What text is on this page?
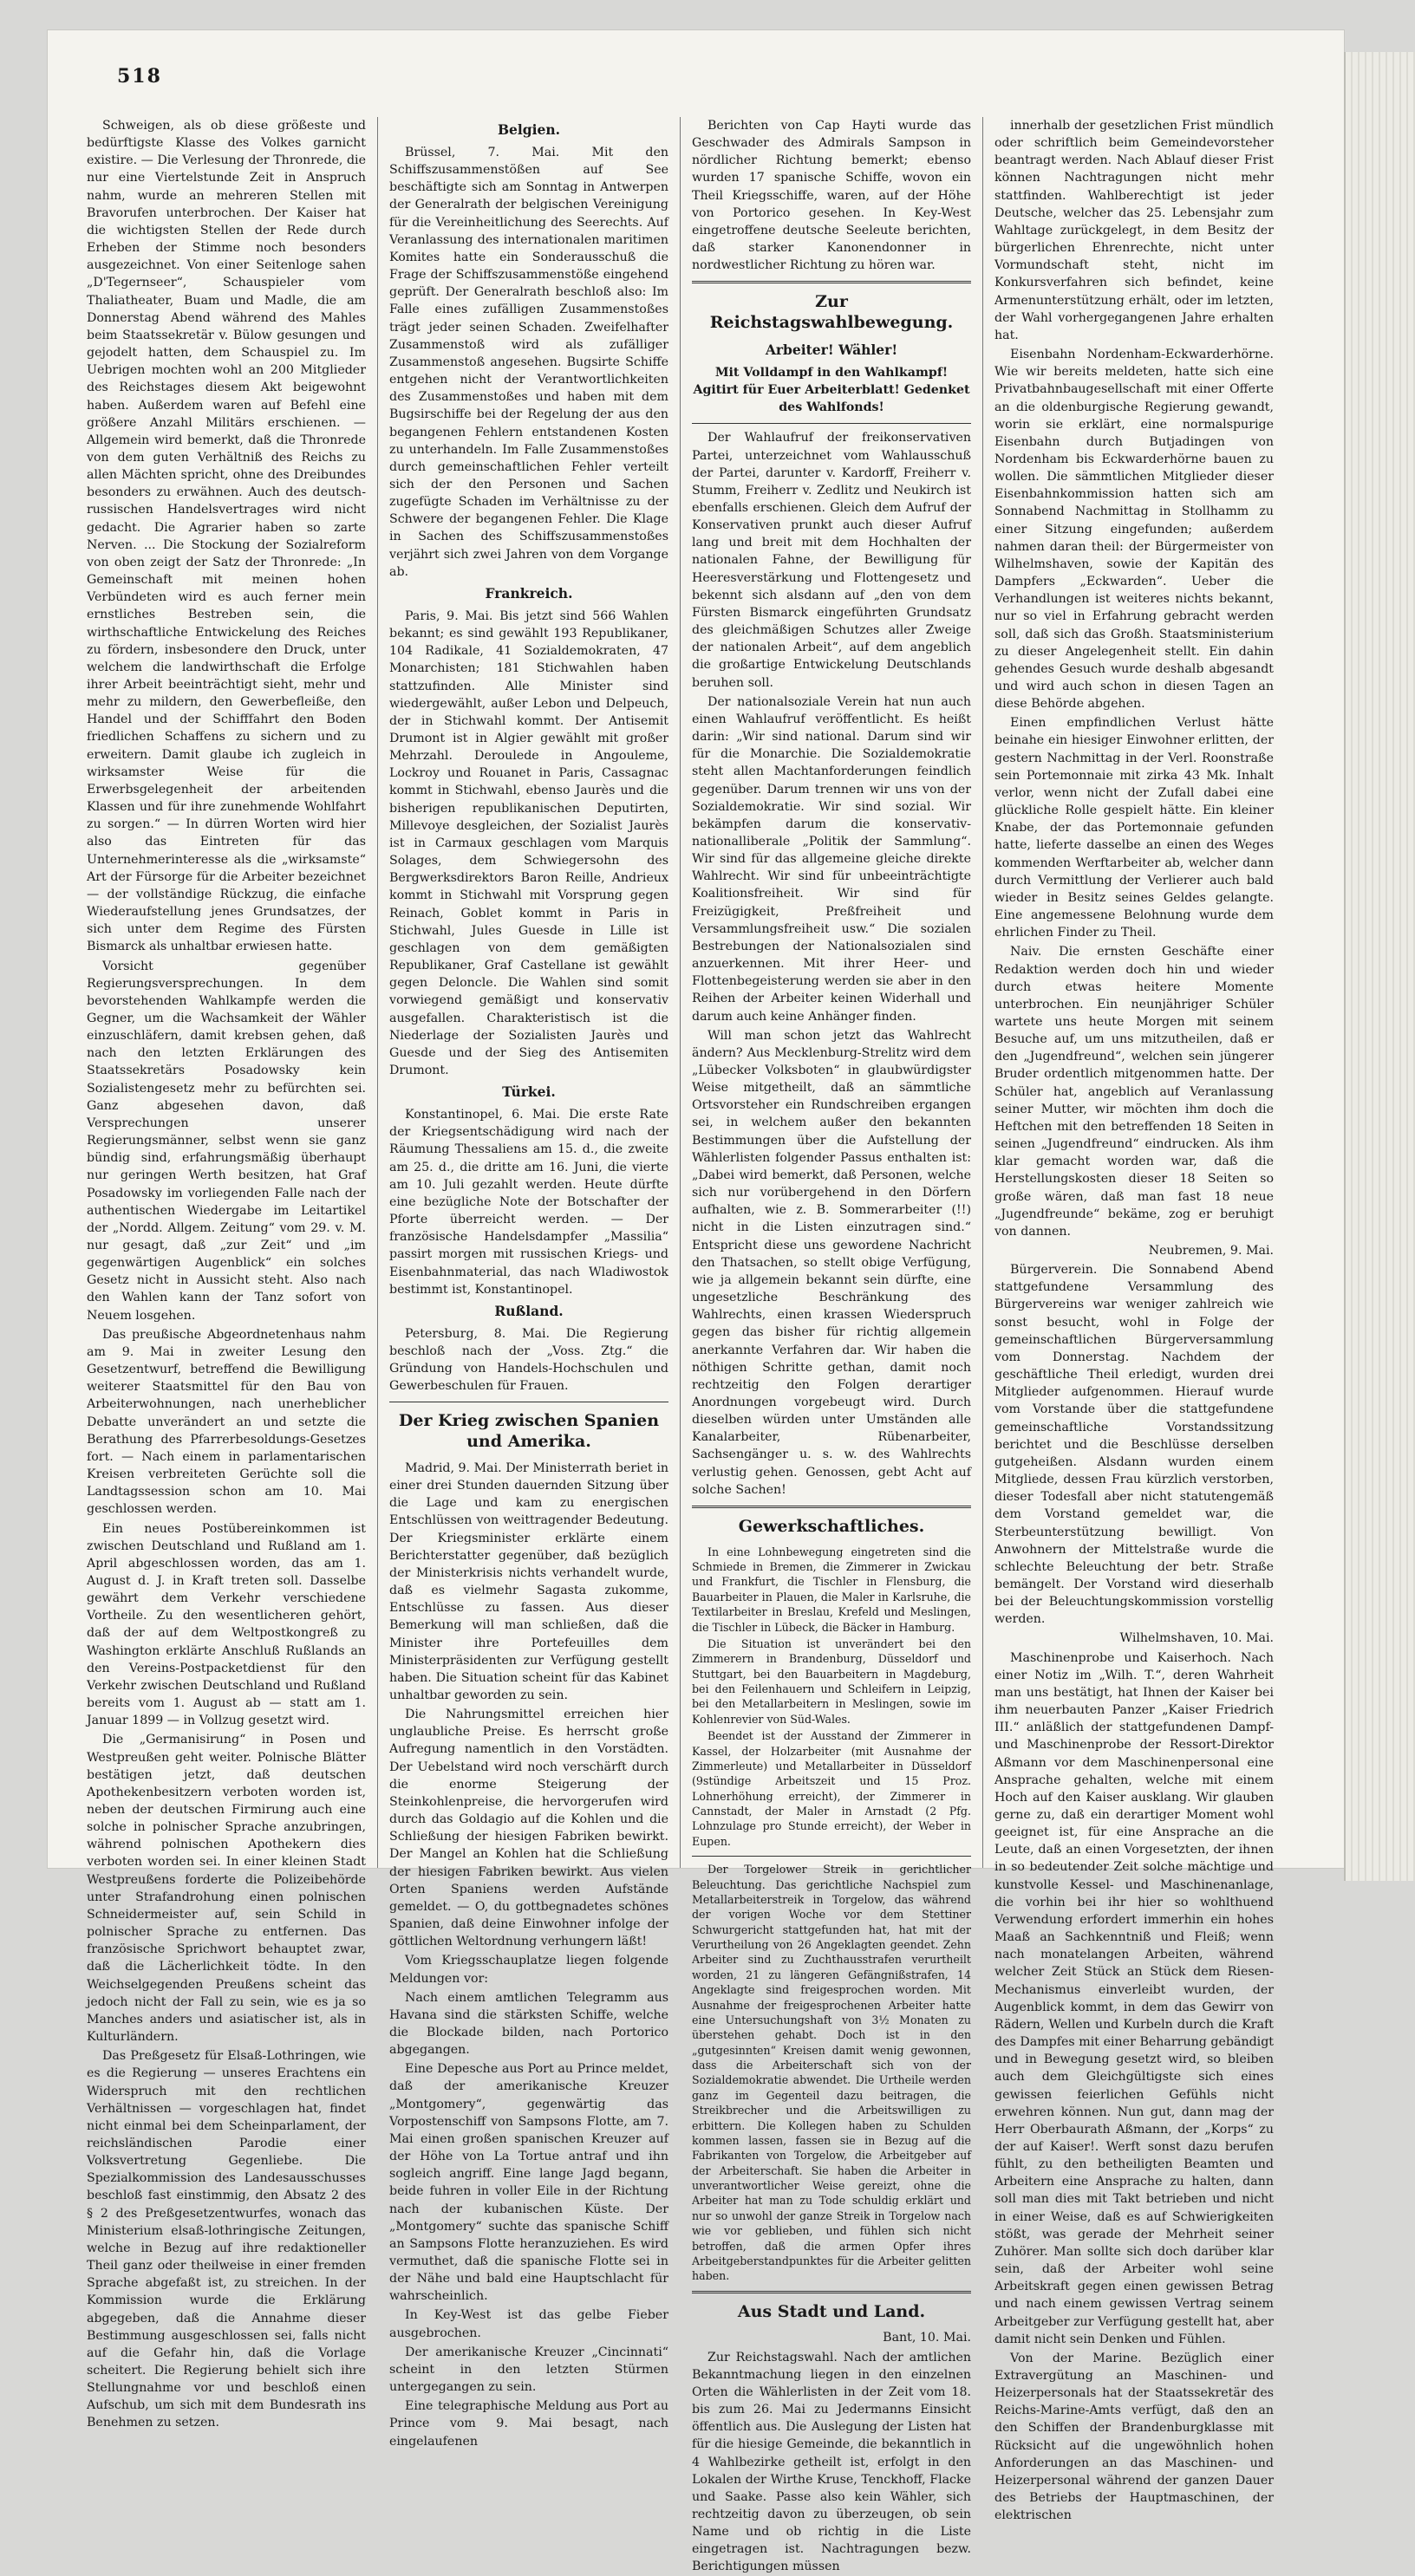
518

Schweigen, als ob diese größeste und bedürftigste Klasse des Volkes garnicht existire. — Die Verlesung der Thronrede, die nur eine Viertelstunde Zeit in Anspruch nahm, wurde an mehreren Stellen mit Bravorufen unterbrochen. Der Kaiser hat die wichtigsten Stellen der Rede durch Erheben der Stimme noch besonders ausgezeichnet. Von einer Seitenloge sahen „D'Tegernseer“, Schauspieler vom Thaliatheater, Buam und Madle, die am Donnerstag Abend während des Mahles beim Staatssekretär v. Bülow gesungen und gejodelt hatten, dem Schauspiel zu. Im Uebrigen mochten wohl an 200 Mitglieder des Reichstages diesem Akt beigewohnt haben. Außerdem waren auf Befehl eine größere Anzahl Militärs erschienen. — Allgemein wird bemerkt, daß die Thronrede von dem guten Verhältniß des Reichs zu allen Mächten spricht, ohne des Dreibundes besonders zu erwähnen. Auch des deutsch-russischen Handelsvertrages wird nicht gedacht. Die Agrarier haben so zarte Nerven. ... Die Stockung der Sozialreform von oben zeigt der Satz der Thronrede: „In Gemeinschaft mit meinen hohen Verbündeten wird es auch ferner mein ernstliches Bestreben sein, die wirthschaftliche Entwickelung des Reiches zu fördern, insbesondere den Druck, unter welchem die landwirthschaft die Erfolge ihrer Arbeit beeinträchtigt sieht, mehr und mehr zu mildern, den Gewerbefleiße, den Handel und der Schifffahrt den Boden friedlichen Schaffens zu sichern und zu erweitern. Damit glaube ich zugleich in wirksamster Weise für die Erwerbsgelegenheit der arbeitenden Klassen und für ihre zunehmende Wohlfahrt zu sorgen.“ — In dürren Worten wird hier also das Eintreten für das Unternehmerinteresse als die „wirksamste“ Art der Fürsorge für die Arbeiter bezeichnet — der vollständige Rückzug, die einfache Wiederaufstellung jenes Grundsatzes, der sich unter dem Regime des Fürsten Bismarck als unhaltbar erwiesen hatte.

Vorsicht gegenüber Regierungsversprechungen. In dem bevorstehenden Wahlkampfe werden die Gegner, um die Wachsamkeit der Wähler einzuschläfern, damit krebsen gehen, daß nach den letzten Erklärungen des Staatssekretärs Posadowsky kein Sozialistengesetz mehr zu befürchten sei. Ganz abgesehen davon, daß Versprechungen unserer Regierungsmänner, selbst wenn sie ganz bündig sind, erfahrungsmäßig überhaupt nur geringen Werth besitzen, hat Graf Posadowsky im vorliegenden Falle nach der authentischen Wiedergabe im Leitartikel der „Nordd. Allgem. Zeitung“ vom 29. v. M. nur gesagt, daß „zur Zeit“ und „im gegenwärtigen Augenblick“ ein solches Gesetz nicht in Aussicht steht. Also nach den Wahlen kann der Tanz sofort von Neuem losgehen.

Das preußische Abgeordnetenhaus nahm am 9. Mai in zweiter Lesung den Gesetzentwurf, betreffend die Bewilligung weiterer Staatsmittel für den Bau von Arbeiterwohnungen, nach unerheblicher Debatte unverändert an und setzte die Berathung des Pfarrerbesoldungs-Gesetzes fort. — Nach einem in parlamentarischen Kreisen verbreiteten Gerüchte soll die Landtagssession schon am 10. Mai geschlossen werden.

Ein neues Postübereinkommen ist zwischen Deutschland und Rußland am 1. April abgeschlossen worden, das am 1. August d. J. in Kraft treten soll. Dasselbe gewährt dem Verkehr verschiedene Vortheile. Zu den wesentlicheren gehört, daß der auf dem Weltpostkongreß zu Washington erklärte Anschluß Rußlands an den Vereins-Postpacketdienst für den Verkehr zwischen Deutschland und Rußland bereits vom 1. August ab — statt am 1. Januar 1899 — in Vollzug gesetzt wird.

Die „Germanisirung“ in Posen und Westpreußen geht weiter. Polnische Blätter bestätigen jetzt, daß deutschen Apothekenbesitzern verboten worden ist, neben der deutschen Firmirung auch eine solche in polnischer Sprache anzubringen, während polnischen Apothekern dies verboten worden sei. In einer kleinen Stadt Westpreußens forderte die Polizeibehörde unter Strafandrohung einen polnischen Schneidermeister auf, sein Schild in polnischer Sprache zu entfernen. Das französische Sprichwort behauptet zwar, daß die Lächerlichkeit tödte. In den Weichselgegenden Preußens scheint das jedoch nicht der Fall zu sein, wie es ja so Manches anders und asiatischer ist, als in Kulturländern.

Das Preßgesetz für Elsaß-Lothringen, wie es die Regierung — unseres Erachtens ein Widerspruch mit den rechtlichen Verhältnissen — vorgeschlagen hat, findet nicht einmal bei dem Scheinparlament, der reichsländischen Parodie einer Volksvertretung Gegenliebe. Die Spezialkommission des Landesausschusses beschloß fast einstimmig, den Absatz 2 des § 2 des Preßgesetzentwurfes, wonach das Ministerium elsaß-lothringische Zeitungen, welche in Bezug auf ihre redaktioneller Theil ganz oder theilweise in einer fremden Sprache abgefaßt ist, zu streichen. In der Kommission wurde die Erklärung abgegeben, daß die Annahme dieser Bestimmung ausgeschlossen sei, falls nicht auf die Gefahr hin, daß die Vorlage scheitert. Die Regierung behielt sich ihre Stellungnahme vor und beschloß einen Aufschub, um sich mit dem Bundesrath ins Benehmen zu setzen.

Belgien.

Brüssel, 7. Mai. Mit den Schiffszusammenstößen auf See beschäftigte sich am Sonntag in Antwerpen der Generalrath der belgischen Vereinigung für die Vereinheitlichung des Seerechts. Auf Veranlassung des internationalen maritimen Komites hatte ein Sonderausschuß die Frage der Schiffszusammenstöße eingehend geprüft. Der Generalrath beschloß also: Im Falle eines zufälligen Zusammenstoßes trägt jeder seinen Schaden. Zweifelhafter Zusammenstoß wird als zufälliger Zusammenstoß angesehen. Bugsirte Schiffe entgehen nicht der Verantwortlichkeiten des Zusammenstoßes und haben mit dem Bugsirschiffe bei der Regelung der aus den begangenen Fehlern entstandenen Kosten zu unterhandeln. Im Falle Zusammenstoßes durch gemeinschaftlichen Fehler verteilt sich der den Personen und Sachen zugefügte Schaden im Verhältnisse zu der Schwere der begangenen Fehler. Die Klage in Sachen des Schiffszusammenstoßes verjährt sich zwei Jahren von dem Vorgange ab.

Frankreich.

Paris, 9. Mai. Bis jetzt sind 566 Wahlen bekannt; es sind gewählt 193 Republikaner, 104 Radikale, 41 Sozialdemokraten, 47 Monarchisten; 181 Stichwahlen haben stattzufinden. Alle Minister sind wiedergewählt, außer Lebon und Delpeuch, der in Stichwahl kommt. Der Antisemit Drumont ist in Algier gewählt mit großer Mehrzahl. Deroulede in Angouleme, Lockroy und Rouanet in Paris, Cassagnac kommt in Stichwahl, ebenso Jaurès und die bisherigen republikanischen Deputirten, Millevoye desgleichen, der Sozialist Jaurès ist in Carmaux geschlagen vom Marquis Solages, dem Schwiegersohn des Bergwerksdirektors Baron Reille, Andrieux kommt in Stichwahl mit Vorsprung gegen Reinach, Goblet kommt in Paris in Stichwahl, Jules Guesde in Lille ist geschlagen von dem gemäßigten Republikaner, Graf Castellane ist gewählt gegen Deloncle. Die Wahlen sind somit vorwiegend gemäßigt und konservativ ausgefallen. Charakteristisch ist die Niederlage der Sozialisten Jaurès und Guesde und der Sieg des Antisemiten Drumont.

Türkei.

Konstantinopel, 6. Mai. Die erste Rate der Kriegsentschädigung wird nach der Räumung Thessaliens am 15. d., die zweite am 25. d., die dritte am 16. Juni, die vierte am 10. Juli gezahlt werden. Heute dürfte eine bezügliche Note der Botschafter der Pforte überreicht werden. — Der französische Handelsdampfer „Massilia“ passirt morgen mit russischen Kriegs- und Eisenbahnmaterial, das nach Wladiwostok bestimmt ist, Konstantinopel.

Rußland.

Petersburg, 8. Mai. Die Regierung beschloß nach der „Voss. Ztg.“ die Gründung von Handels-Hochschulen und Gewerbeschulen für Frauen.

Der Krieg zwischen Spanien und Amerika.

Madrid, 9. Mai. Der Ministerrath beriet in einer drei Stunden dauernden Sitzung über die Lage und kam zu energischen Entschlüssen von weittragender Bedeutung. Der Kriegsminister erklärte einem Berichterstatter gegenüber, daß bezüglich der Ministerkrisis nichts verhandelt wurde, daß es vielmehr Sagasta zukomme, Entschlüsse zu fassen. Aus dieser Bemerkung will man schließen, daß die Minister ihre Portefeuilles dem Ministerpräsidenten zur Verfügung gestellt haben. Die Situation scheint für das Kabinet unhaltbar geworden zu sein.

Die Nahrungsmittel erreichen hier unglaubliche Preise. Es herrscht große Aufregung namentlich in den Vorstädten. Der Uebelstand wird noch verschärft durch die enorme Steigerung der Steinkohlenpreise, die hervorgerufen wird durch das Goldagio auf die Kohlen und die Schließung der hiesigen Fabriken bewirkt. Der Mangel an Kohlen hat die Schließung der hiesigen Fabriken bewirkt. Aus vielen Orten Spaniens werden Aufstände gemeldet. — O, du gottbegnadetes schönes Spanien, daß deine Einwohner infolge der göttlichen Weltordnung verhungern läßt!

Vom Kriegsschauplatze liegen folgende Meldungen vor:

Nach einem amtlichen Telegramm aus Havana sind die stärksten Schiffe, welche die Blockade bilden, nach Portorico abgegangen.

Eine Depesche aus Port au Prince meldet, daß der amerikanische Kreuzer „Montgomery“, gegenwärtig das Vorpostenschiff von Sampsons Flotte, am 7. Mai einen großen spanischen Kreuzer auf der Höhe von La Tortue antraf und ihn sogleich angriff. Eine lange Jagd begann, beide fuhren in voller Eile in der Richtung nach der kubanischen Küste. Der „Montgomery“ suchte das spanische Schiff an Sampsons Flotte heranzuziehen. Es wird vermuthet, daß die spanische Flotte sei in der Nähe und bald eine Hauptschlacht für wahrscheinlich.

In Key-West ist das gelbe Fieber ausgebrochen.

Der amerikanische Kreuzer „Cincinnati“ scheint in den letzten Stürmen untergegangen zu sein.

Eine telegraphische Meldung aus Port au Prince vom 9. Mai besagt, nach eingelaufenen

Berichten von Cap Hayti wurde das Geschwader des Admirals Sampson in nördlicher Richtung bemerkt; ebenso wurden 17 spanische Schiffe, wovon ein Theil Kriegsschiffe, waren, auf der Höhe von Portorico gesehen. In Key-West eingetroffene deutsche Seeleute berichten, daß starker Kanonendonner in nordwestlicher Richtung zu hören war.

Zur Reichstagswahlbewegung.
Arbeiter! Wähler!

Mit Volldampf in den Wahlkampf! Agitirt für Euer Arbeiterblatt! Gedenket des Wahlfonds!

Der Wahlaufruf der freikonservativen Partei, unterzeichnet vom Wahlausschuß der Partei, darunter v. Kardorff, Freiherr v. Stumm, Freiherr v. Zedlitz und Neukirch ist ebenfalls erschienen. Gleich dem Aufruf der Konservativen prunkt auch dieser Aufruf lang und breit mit dem Hochhalten der nationalen Fahne, der Bewilligung für Heeresverstärkung und Flottengesetz und bekennt sich alsdann auf „den von dem Fürsten Bismarck eingeführten Grundsatz des gleichmäßigen Schutzes aller Zweige der nationalen Arbeit“, auf dem angeblich die großartige Entwickelung Deutschlands beruhen soll.

Der nationalsoziale Verein hat nun auch einen Wahlaufruf veröffentlicht. Es heißt darin: „Wir sind national. Darum sind wir für die Monarchie. Die Sozialdemokratie steht allen Machtanforderungen feindlich gegenüber. Darum trennen wir uns von der Sozialdemokratie. Wir sind sozial. Wir bekämpfen darum die konservativ-nationalliberale „Politik der Sammlung“. Wir sind für das allgemeine gleiche direkte Wahlrecht. Wir sind für unbeeinträchtigte Koalitionsfreiheit. Wir sind für Freizügigkeit, Preßfreiheit und Versammlungsfreiheit usw.“ Die sozialen Bestrebungen der Nationalsozialen sind anzuerkennen. Mit ihrer Heer- und Flottenbegeisterung werden sie aber in den Reihen der Arbeiter keinen Widerhall und darum auch keine Anhänger finden.

Will man schon jetzt das Wahlrecht ändern? Aus Mecklenburg-Strelitz wird dem „Lübecker Volksboten“ in glaubwürdigster Weise mitgetheilt, daß an sämmtliche Ortsvorsteher ein Rundschreiben ergangen sei, in welchem außer den bekannten Bestimmungen über die Aufstellung der Wählerlisten folgender Passus enthalten ist: „Dabei wird bemerkt, daß Personen, welche sich nur vorübergehend in den Dörfern aufhalten, wie z. B. Sommerarbeiter (!!) nicht in die Listen einzutragen sind.“ Entspricht diese uns gewordene Nachricht den Thatsachen, so stellt obige Verfügung, wie ja allgemein bekannt sein dürfte, eine ungesetzliche Beschränkung des Wahlrechts, einen krassen Wiederspruch gegen das bisher für richtig allgemein anerkannte Verfahren dar. Wir haben die nöthigen Schritte gethan, damit noch rechtzeitig den Folgen derartiger Anordnungen vorgebeugt wird. Durch dieselben würden unter Umständen alle Kanalarbeiter, Rübenarbeiter, Sachsengänger u. s. w. des Wahlrechts verlustig gehen. Genossen, gebt Acht auf solche Sachen!

Gewerkschaftliches.

In eine Lohnbewegung eingetreten sind die Schmiede in Bremen, die Zimmerer in Zwickau und Frankfurt, die Tischler in Flensburg, die Bauarbeiter in Plauen, die Maler in Karlsruhe, die Textilarbeiter in Breslau, Krefeld und Meslingen, die Tischler in Lübeck, die Bäcker in Hamburg.

Die Situation ist unverändert bei den Zimmerern in Brandenburg, Düsseldorf und Stuttgart, bei den Bauarbeitern in Magdeburg, bei den Feilenhauern und Schleifern in Leipzig, bei den Metallarbeitern in Meslingen, sowie im Kohlenrevier von Süd-Wales.

Beendet ist der Ausstand der Zimmerer in Kassel, der Holzarbeiter (mit Ausnahme der Zimmerleute) und Metallarbeiter in Düsseldorf (9stündige Arbeitszeit und 15 Proz. Lohnerhöhung erreicht), der Zimmerer in Cannstadt, der Maler in Arnstadt (2 Pfg. Lohnzulage pro Stunde erreicht), der Weber in Eupen.

Der Torgelower Streik in gerichtlicher Beleuchtung. Das gerichtliche Nachspiel zum Metallarbeiterstreik in Torgelow, das während der vorigen Woche vor dem Stettiner Schwurgericht stattgefunden hat, hat mit der Verurtheilung von 26 Angeklagten geendet. Zehn Arbeiter sind zu Zuchthausstrafen verurtheilt worden, 21 zu längeren Gefängnißstrafen, 14 Angeklagte sind freigesprochen worden. Mit Ausnahme der freigesprochenen Arbeiter hatte eine Untersuchungshaft von 3½ Monaten zu überstehen gehabt. Doch ist in den „gutgesinnten“ Kreisen damit wenig gewonnen, dass die Arbeiterschaft sich von der Sozialdemokratie abwendet. Die Urtheile werden ganz im Gegenteil dazu beitragen, die Streikbrecher und die Arbeitswilligen zu erbittern. Die Kollegen haben zu Schulden kommen lassen, fassen sie in Bezug auf die Fabrikanten von Torgelow, die Arbeitgeber auf der Arbeiterschaft. Sie haben die Arbeiter in unverantwortlicher Weise gereizt, ohne die Arbeiter hat man zu Tode schuldig erklärt und nur so unwohl der ganze Streik in Torgelow nach wie vor geblieben, und fühlen sich nicht betroffen, daß die armen Opfer ihres Arbeitgeberstandpunktes für die Arbeiter gelitten haben.

Aus Stadt und Land.

Bant, 10. Mai.

Zur Reichstagswahl. Nach der amtlichen Bekanntmachung liegen in den einzelnen Orten die Wählerlisten in der Zeit vom 18. bis zum 26. Mai zu Jedermanns Einsicht öffentlich aus. Die Auslegung der Listen hat für die hiesige Gemeinde, die bekanntlich in 4 Wahlbezirke getheilt ist, erfolgt in den Lokalen der Wirthe Kruse, Tenckhoff, Flacke und Saake. Passe also kein Wähler, sich rechtzeitig davon zu überzeugen, ob sein Name und ob richtig in die Liste eingetragen ist. Nachtragungen bezw. Berichtigungen müssen

innerhalb der gesetzlichen Frist mündlich oder schriftlich beim Gemeindevorsteher beantragt werden. Nach Ablauf dieser Frist können Nachtragungen nicht mehr stattfinden. Wahlberechtigt ist jeder Deutsche, welcher das 25. Lebensjahr zum Wahltage zurückgelegt, in dem Besitz der bürgerlichen Ehrenrechte, nicht unter Vormundschaft steht, nicht im Konkursverfahren sich befindet, keine Armenunterstützung erhält, oder im letzten, der Wahl vorhergegangenen Jahre erhalten hat.

Eisenbahn Nordenham-Eckwarderhörne. Wie wir bereits meldeten, hatte sich eine Privatbahnbaugesellschaft mit einer Offerte an die oldenburgische Regierung gewandt, worin sie erklärt, eine normalspurige Eisenbahn durch Butjadingen von Nordenham bis Eckwarderhörne bauen zu wollen. Die sämmtlichen Mitglieder dieser Eisenbahnkommission hatten sich am Sonnabend Nachmittag in Stollhamm zu einer Sitzung eingefunden; außerdem nahmen daran theil: der Bürgermeister von Wilhelmshaven, sowie der Kapitän des Dampfers „Eckwarden“. Ueber die Verhandlungen ist weiteres nichts bekannt, nur so viel in Erfahrung gebracht werden soll, daß sich das Großh. Staatsministerium zu dieser Angelegenheit stellt. Ein dahin gehendes Gesuch wurde deshalb abgesandt und wird auch schon in diesen Tagen an diese Behörde abgehen.

Einen empfindlichen Verlust hätte beinahe ein hiesiger Einwohner erlitten, der gestern Nachmittag in der Verl. Roonstraße sein Portemonnaie mit zirka 43 Mk. Inhalt verlor, wenn nicht der Zufall dabei eine glückliche Rolle gespielt hätte. Ein kleiner Knabe, der das Portemonnaie gefunden hatte, lieferte dasselbe an einen des Weges kommenden Werftarbeiter ab, welcher dann durch Vermittlung der Verlierer auch bald wieder in Besitz seines Geldes gelangte. Eine angemessene Belohnung wurde dem ehrlichen Finder zu Theil.

Naiv. Die ernsten Geschäfte einer Redaktion werden doch hin und wieder durch etwas heitere Momente unterbrochen. Ein neunjähriger Schüler wartete uns heute Morgen mit seinem Besuche auf, um uns mitzutheilen, daß er den „Jugendfreund“, welchen sein jüngerer Bruder ordentlich mitgenommen hatte. Der Schüler hat, angeblich auf Veranlassung seiner Mutter, wir möchten ihm doch die Heftchen mit den betreffenden 18 Seiten in seinen „Jugendfreund“ eindrucken. Als ihm klar gemacht worden war, daß die Herstellungskosten dieser 18 Seiten so große wären, daß man fast 18 neue „Jugendfreunde“ bekäme, zog er beruhigt von dannen.

Neubremen, 9. Mai.

Bürgerverein. Die Sonnabend Abend stattgefundene Versammlung des Bürgervereins war weniger zahlreich wie sonst besucht, wohl in Folge der gemeinschaftlichen Bürgerversammlung vom Donnerstag. Nachdem der geschäftliche Theil erledigt, wurden drei Mitglieder aufgenommen. Hierauf wurde vom Vorstande über die stattgefundene gemeinschaftliche Vorstandssitzung berichtet und die Beschlüsse derselben gutgeheißen. Alsdann wurden einem Mitgliede, dessen Frau kürzlich verstorben, dieser Todesfall aber nicht statutengemäß dem Vorstand gemeldet war, die Sterbeunterstützung bewilligt. Von Anwohnern der Mittelstraße wurde die schlechte Beleuchtung der betr. Straße bemängelt. Der Vorstand wird dieserhalb bei der Beleuchtungskommission vorstellig werden.

Wilhelmshaven, 10. Mai.

Maschinenprobe und Kaiserhoch. Nach einer Notiz im „Wilh. T.“, deren Wahrheit man uns bestätigt, hat Ihnen der Kaiser bei ihm neuerbauten Panzer „Kaiser Friedrich III.“ anläßlich der stattgefundenen Dampf- und Maschinenprobe der Ressort-Direktor Aßmann vor dem Maschinenpersonal eine Ansprache gehalten, welche mit einem Hoch auf den Kaiser ausklang. Wir glauben gerne zu, daß ein derartiger Moment wohl geeignet ist, für eine Ansprache an die Leute, daß an einen Vorgesetzten, der ihnen in so bedeutender Zeit solche mächtige und kunstvolle Kessel- und Maschinenanlage, die vorhin bei ihr hier so wohlthuend Verwendung erfordert immerhin ein hohes Maaß an Sachkenntniß und Fleiß; wenn nach monatelangen Arbeiten, während welcher Zeit Stück an Stück dem Riesen-Mechanismus einverleibt wurden, der Augenblick kommt, in dem das Gewirr von Rädern, Wellen und Kurbeln durch die Kraft des Dampfes mit einer Beharrung gebändigt und in Bewegung gesetzt wird, so bleiben auch dem Gleichgültigste sich eines gewissen feierlichen Gefühls nicht erwehren können. Nun gut, dann mag der Herr Oberbaurath Aßmann, der „Korps“ zu der auf Kaiser!. Werft sonst dazu berufen fühlt, zu den betheiligten Beamten und Arbeitern eine Ansprache zu halten, dann soll man dies mit Takt betrieben und nicht in einer Weise, daß es auf Schwierigkeiten stößt, was gerade der Mehrheit seiner Zuhörer. Man sollte sich doch darüber klar sein, daß der Arbeiter wohl seine Arbeitskraft gegen einen gewissen Betrag und nach einem gewissen Vertrag seinem Arbeitgeber zur Verfügung gestellt hat, aber damit nicht sein Denken und Fühlen.

Von der Marine. Bezüglich einer Extravergütung an Maschinen- und Heizerpersonals hat der Staatssekretär des Reichs-Marine-Amts verfügt, daß den an den Schiffen der Brandenburgklasse mit Rücksicht auf die ungewöhnlich hohen Anforderungen an das Maschinen- und Heizerpersonal während der ganzen Dauer des Betriebs der Hauptmaschinen, der elektrischen
